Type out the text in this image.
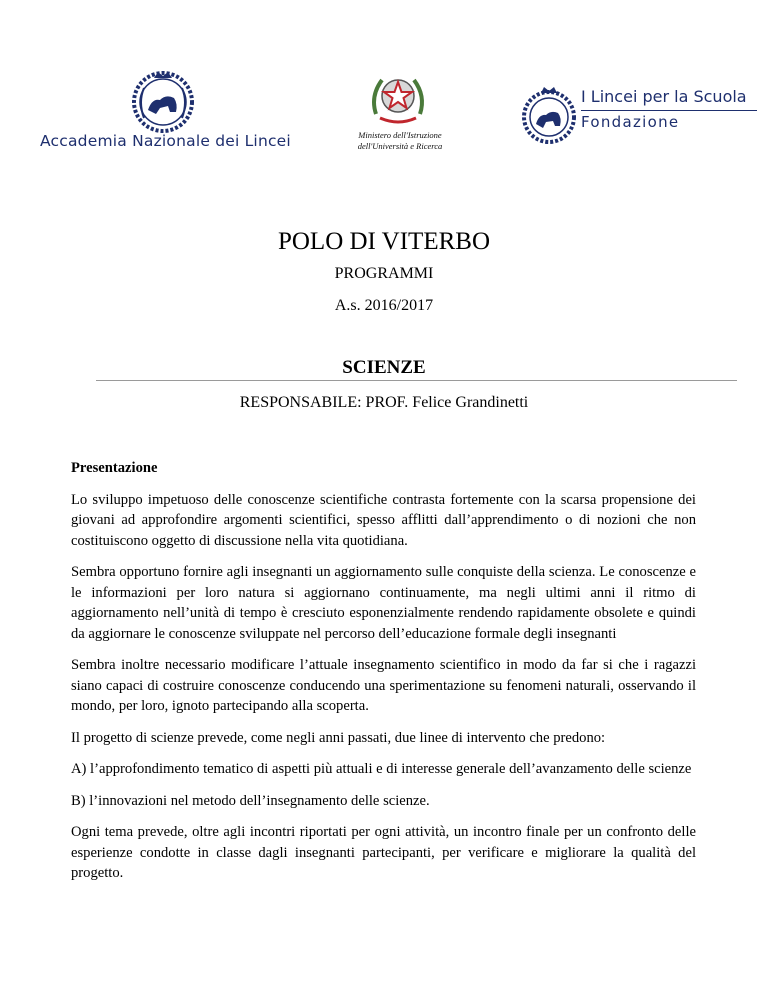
Accademia Nazionale dei Lincei	Ministero dell'Istruzione
dell'Università e Ricerca
I Lincei per la Scuola
Fondazione
POLO DI VITERBO
PROGRAMMI
A.s. 2016/2017
SCIENZE
RESPONSABILE: PROF. Felice Grandinetti
Presentazione

Lo sviluppo impetuoso delle conoscenze scientifiche contrasta fortemente con la scarsa propensione dei giovani ad approfondire argomenti scientifici, spesso afflitti dall’apprendimento o di nozioni che non costituiscono oggetto di discussione nella vita quotidiana.

Sembra opportuno fornire agli insegnanti un aggiornamento sulle conquiste della scienza. Le conoscenze e le informazioni per loro natura si aggiornano continuamente, ma negli ultimi anni il ritmo di aggiornamento nell’unità di tempo è cresciuto esponenzialmente rendendo rapidamente obsolete e quindi da aggiornare le conoscenze sviluppate nel percorso dell’educazione formale degli insegnanti

Sembra inoltre necessario modificare l’attuale insegnamento scientifico in modo da far si che i ragazzi siano capaci di costruire conoscenze conducendo una sperimentazione su fenomeni naturali, osservando il mondo, per loro, ignoto partecipando alla scoperta.

Il progetto di scienze prevede, come negli anni passati, due linee di intervento che predono:

A) l’approfondimento tematico di aspetti più attuali e di interesse generale dell’avanzamento delle scienze

B) l’innovazioni nel metodo dell’insegnamento delle scienze.

Ogni tema prevede, oltre agli incontri riportati per ogni attività, un incontro finale per un confronto delle esperienze condotte in classe dagli insegnanti partecipanti, per verificare e migliorare la qualità del progetto.
